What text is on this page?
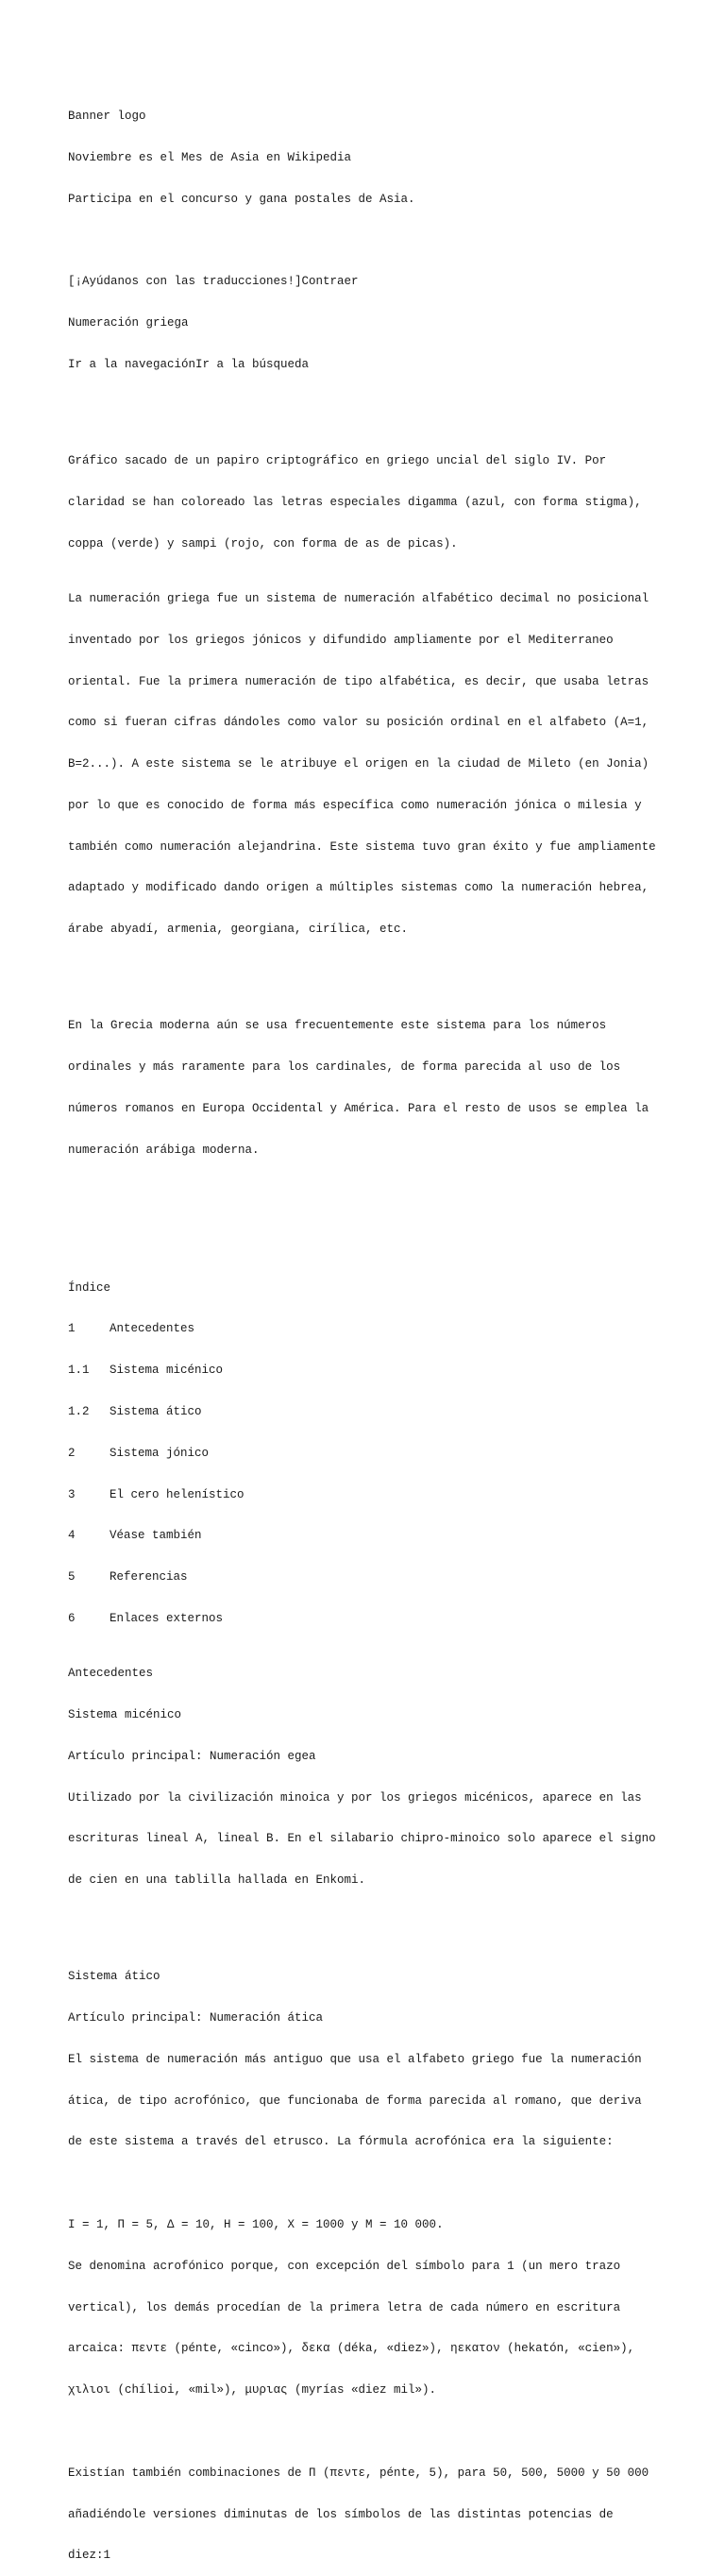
Banner logo

Noviembre es el Mes de Asia en Wikipedia

Participa en el concurso y gana postales de Asia.

[¡Ayúdanos con las traducciones!]Contraer

Numeración griega

Ir a la navegaciónIr a la búsqueda

Gráfico sacado de un papiro criptográfico en griego uncial del siglo IV. Por

claridad se han coloreado las letras especiales digamma (azul, con forma stigma),

coppa (verde) y sampi (rojo, con forma de as de picas).

La numeración griega fue un sistema de numeración alfabético decimal no posicional

inventado por los griegos jónicos y difundido ampliamente por el Mediterraneo

oriental. Fue la primera numeración de tipo alfabética, es decir, que usaba letras

como si fueran cifras dándoles como valor su posición ordinal en el alfabeto (A=1,

B=2...). A este sistema se le atribuye el origen en la ciudad de Mileto (en Jonia)

por lo que es conocido de forma más específica como numeración jónica o milesia y

también como numeración alejandrina. Este sistema tuvo gran éxito y fue ampliamente

adaptado y modificado dando origen a múltiples sistemas como la numeración hebrea,

árabe abyadí, armenia, georgiana, cirílica, etc.

En la Grecia moderna aún se usa frecuentemente este sistema para los números

ordinales y más raramente para los cardinales, de forma parecida al uso de los

números romanos en Europa Occidental y América. Para el resto de usos se emplea la

numeración arábiga moderna.

Índice

1	Antecedentes

1.1 Sistema micénico

1.2 Sistema ático

2	Sistema jónico

3	El cero helenístico

4	Véase también

5	Referencias

6	Enlaces externos

Antecedentes

Sistema micénico

Artículo principal: Numeración egea

Utilizado por la civilización minoica y por los griegos micénicos, aparece en las

escrituras lineal A, lineal B. En el silabario chipro-minoico solo aparece el signo

de cien en una tablilla hallada en Enkomi.

Sistema ático

Artículo principal: Numeración ática

El sistema de numeración más antiguo que usa el alfabeto griego fue la numeración

ática, de tipo acrofónico, que funcionaba de forma parecida al romano, que deriva

de este sistema a través del etrusco. La fórmula acrofónica era la siguiente:

Ι = 1, Π = 5, Δ = 10, Η = 100, Χ = 1000 y Μ = 10 000.

Se denomina acrofónico porque, con excepción del símbolo para 1 (un mero trazo

vertical), los demás procedían de la primera letra de cada número en escritura

arcaica: πεντε (pénte, «cinco»), δεκα (déka, «diez»), ηεκατον (hekatón, «cien»),

χιλιοι (chílioi, «mil»), μυριας (myrías «diez mil»).

Existían también combinaciones de Π (πεντε, pénte, 5), para 50, 500, 5000 y 50 000

añadiéndole versiones diminutas de los símbolos de las distintas potencias de

diez:1
